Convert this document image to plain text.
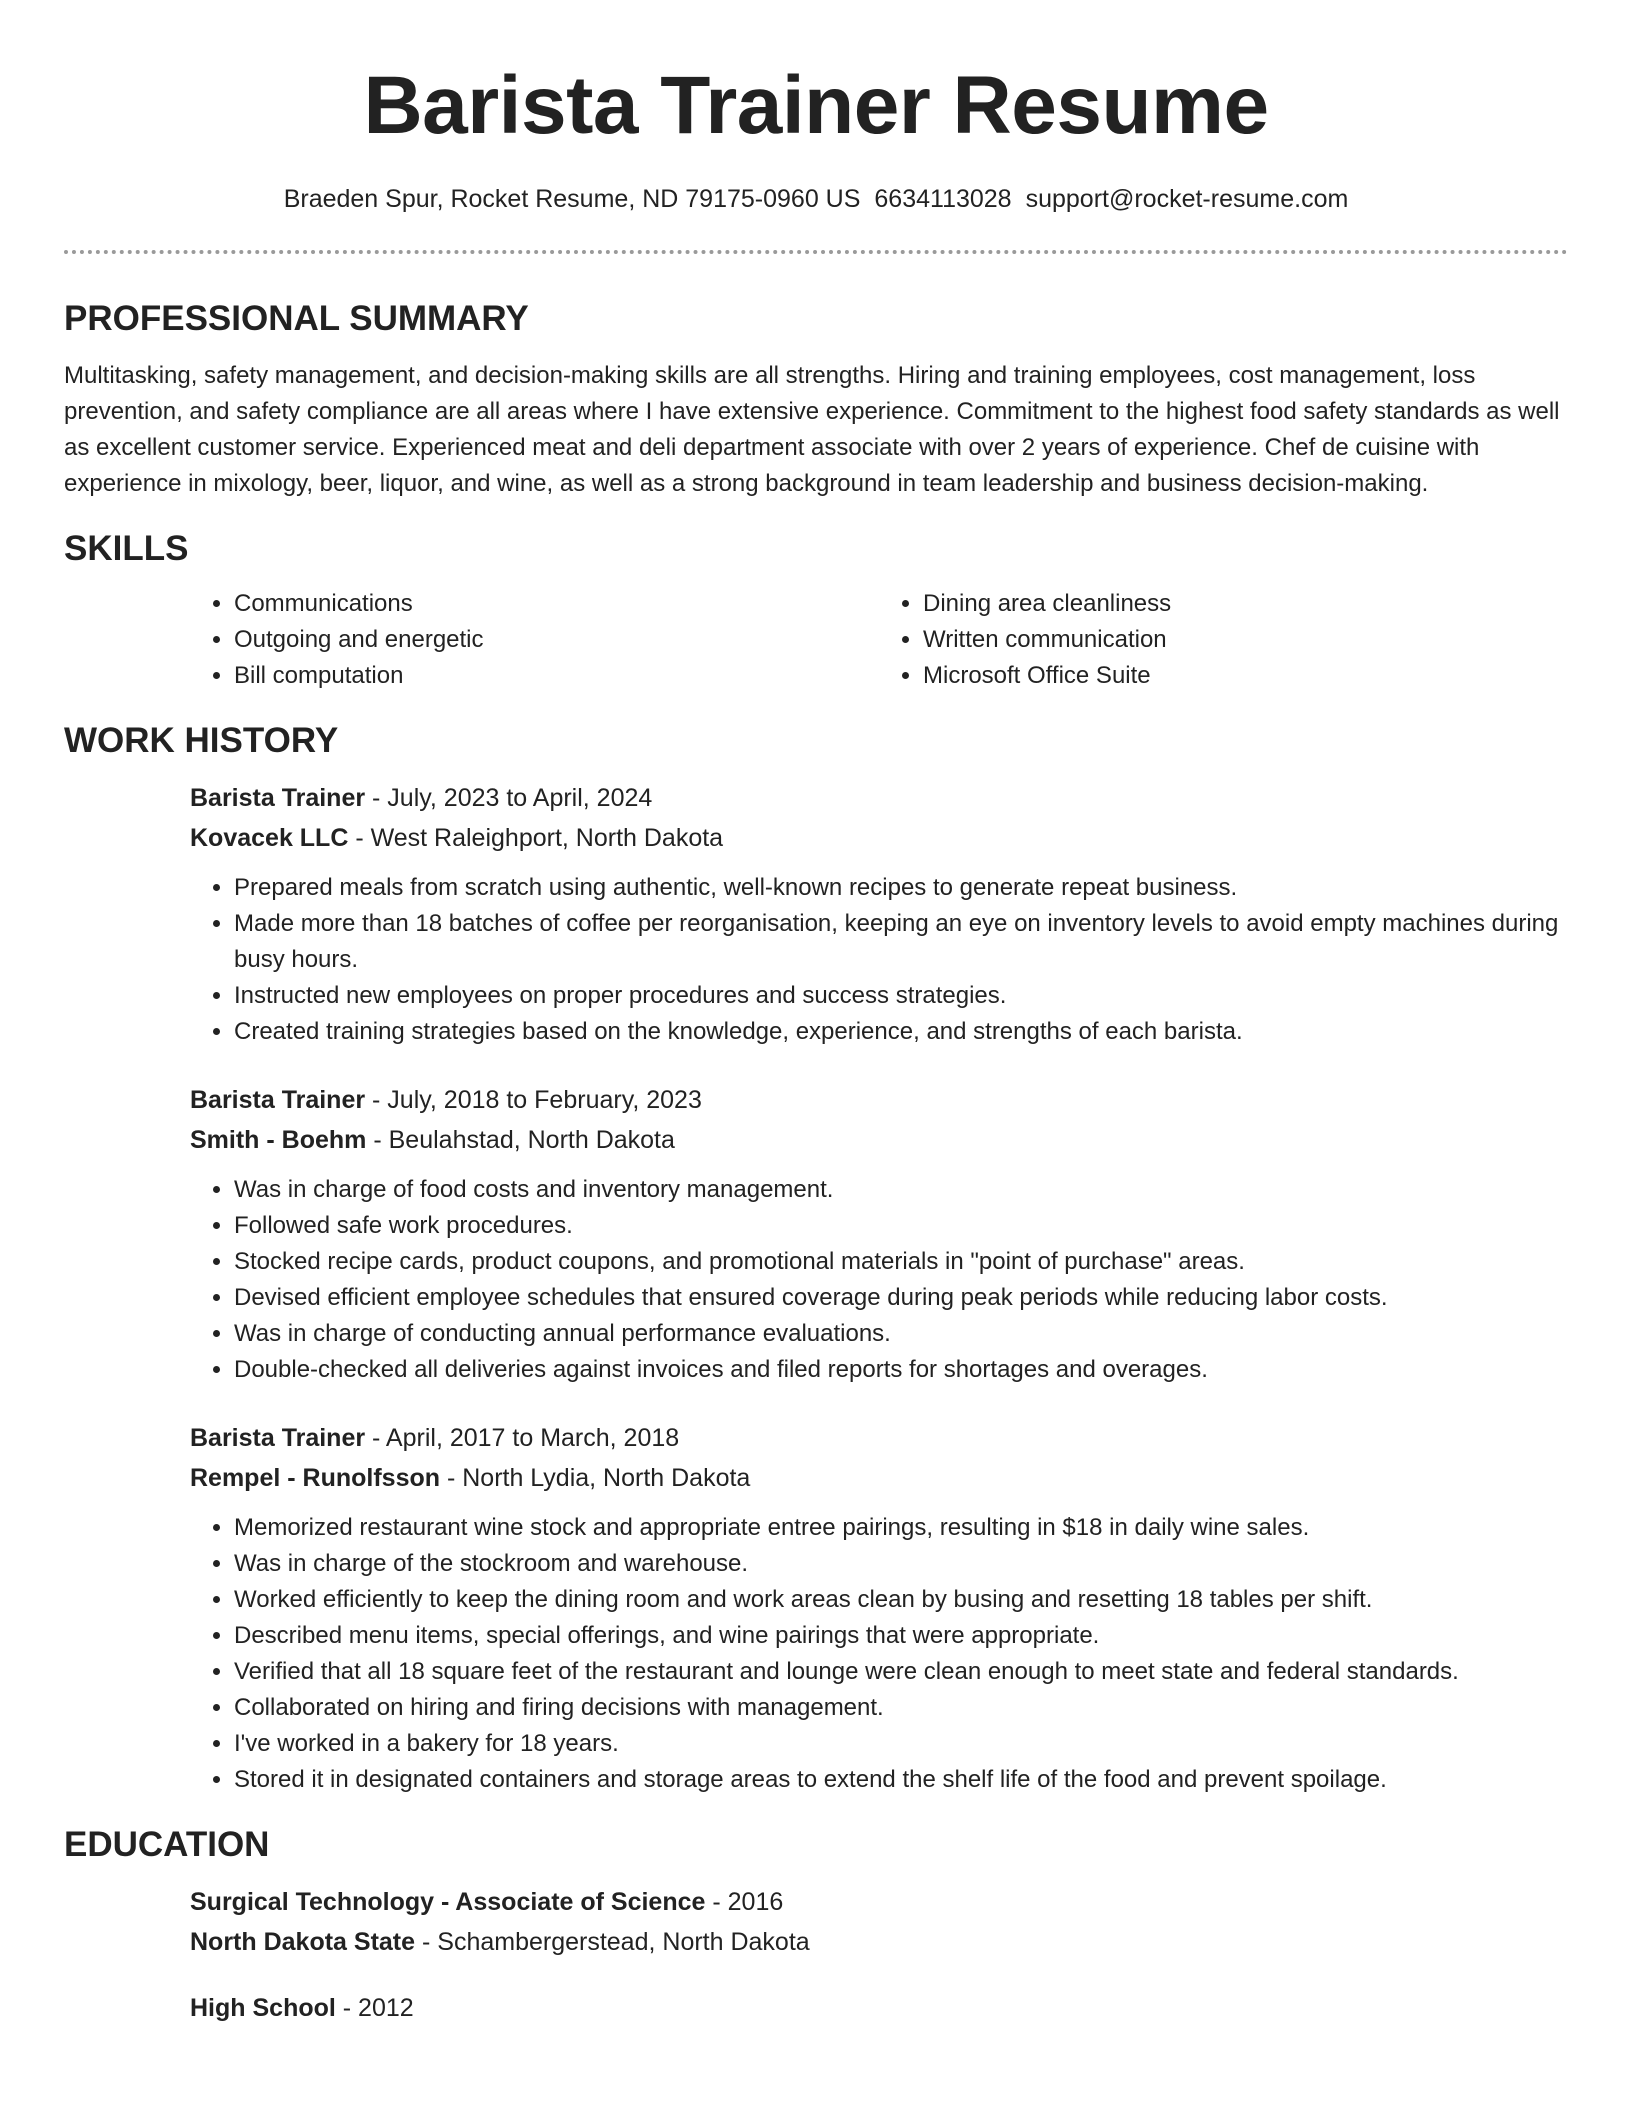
Barista Trainer Resume
Braeden Spur, Rocket Resume, ND 79175-0960 US 6634113028 support@rocket-resume.com
PROFESSIONAL SUMMARY

Multitasking, safety management, and decision-making skills are all strengths. Hiring and training employees, cost management, loss prevention, and safety compliance are all areas where I have extensive experience. Commitment to the highest food safety standards as well as excellent customer service. Experienced meat and deli department associate with over 2 years of experience. Chef de cuisine with experience in mixology, beer, liquor, and wine, as well as a strong background in team leadership and business decision-making.

SKILLS
• Communications
• Outgoing and energetic
• Bill computation
• Dining area cleanliness
• Written communication
• Microsoft Office Suite
WORK HISTORY
Barista Trainer - July, 2023 to April, 2024
Kovacek LLC - West Raleighport, North Dakota
• Prepared meals from scratch using authentic, well-known recipes to generate repeat business.
• Made more than 18 batches of coffee per reorganisation, keeping an eye on inventory levels to avoid empty machines during busy hours.
• Instructed new employees on proper procedures and success strategies.
• Created training strategies based on the knowledge, experience, and strengths of each barista.
Barista Trainer - July, 2018 to February, 2023
Smith - Boehm - Beulahstad, North Dakota
• Was in charge of food costs and inventory management.
• Followed safe work procedures.
• Stocked recipe cards, product coupons, and promotional materials in "point of purchase" areas.
• Devised efficient employee schedules that ensured coverage during peak periods while reducing labor costs.
• Was in charge of conducting annual performance evaluations.
• Double-checked all deliveries against invoices and filed reports for shortages and overages.
Barista Trainer - April, 2017 to March, 2018
Rempel - Runolfsson - North Lydia, North Dakota
• Memorized restaurant wine stock and appropriate entree pairings, resulting in $18 in daily wine sales.
• Was in charge of the stockroom and warehouse.
• Worked efficiently to keep the dining room and work areas clean by busing and resetting 18 tables per shift.
• Described menu items, special offerings, and wine pairings that were appropriate.
• Verified that all 18 square feet of the restaurant and lounge were clean enough to meet state and federal standards.
• Collaborated on hiring and firing decisions with management.
• I've worked in a bakery for 18 years.
• Stored it in designated containers and storage areas to extend the shelf life of the food and prevent spoilage.
EDUCATION
Surgical Technology - Associate of Science - 2016
North Dakota State - Schambergerstead, North Dakota
High School - 2012
